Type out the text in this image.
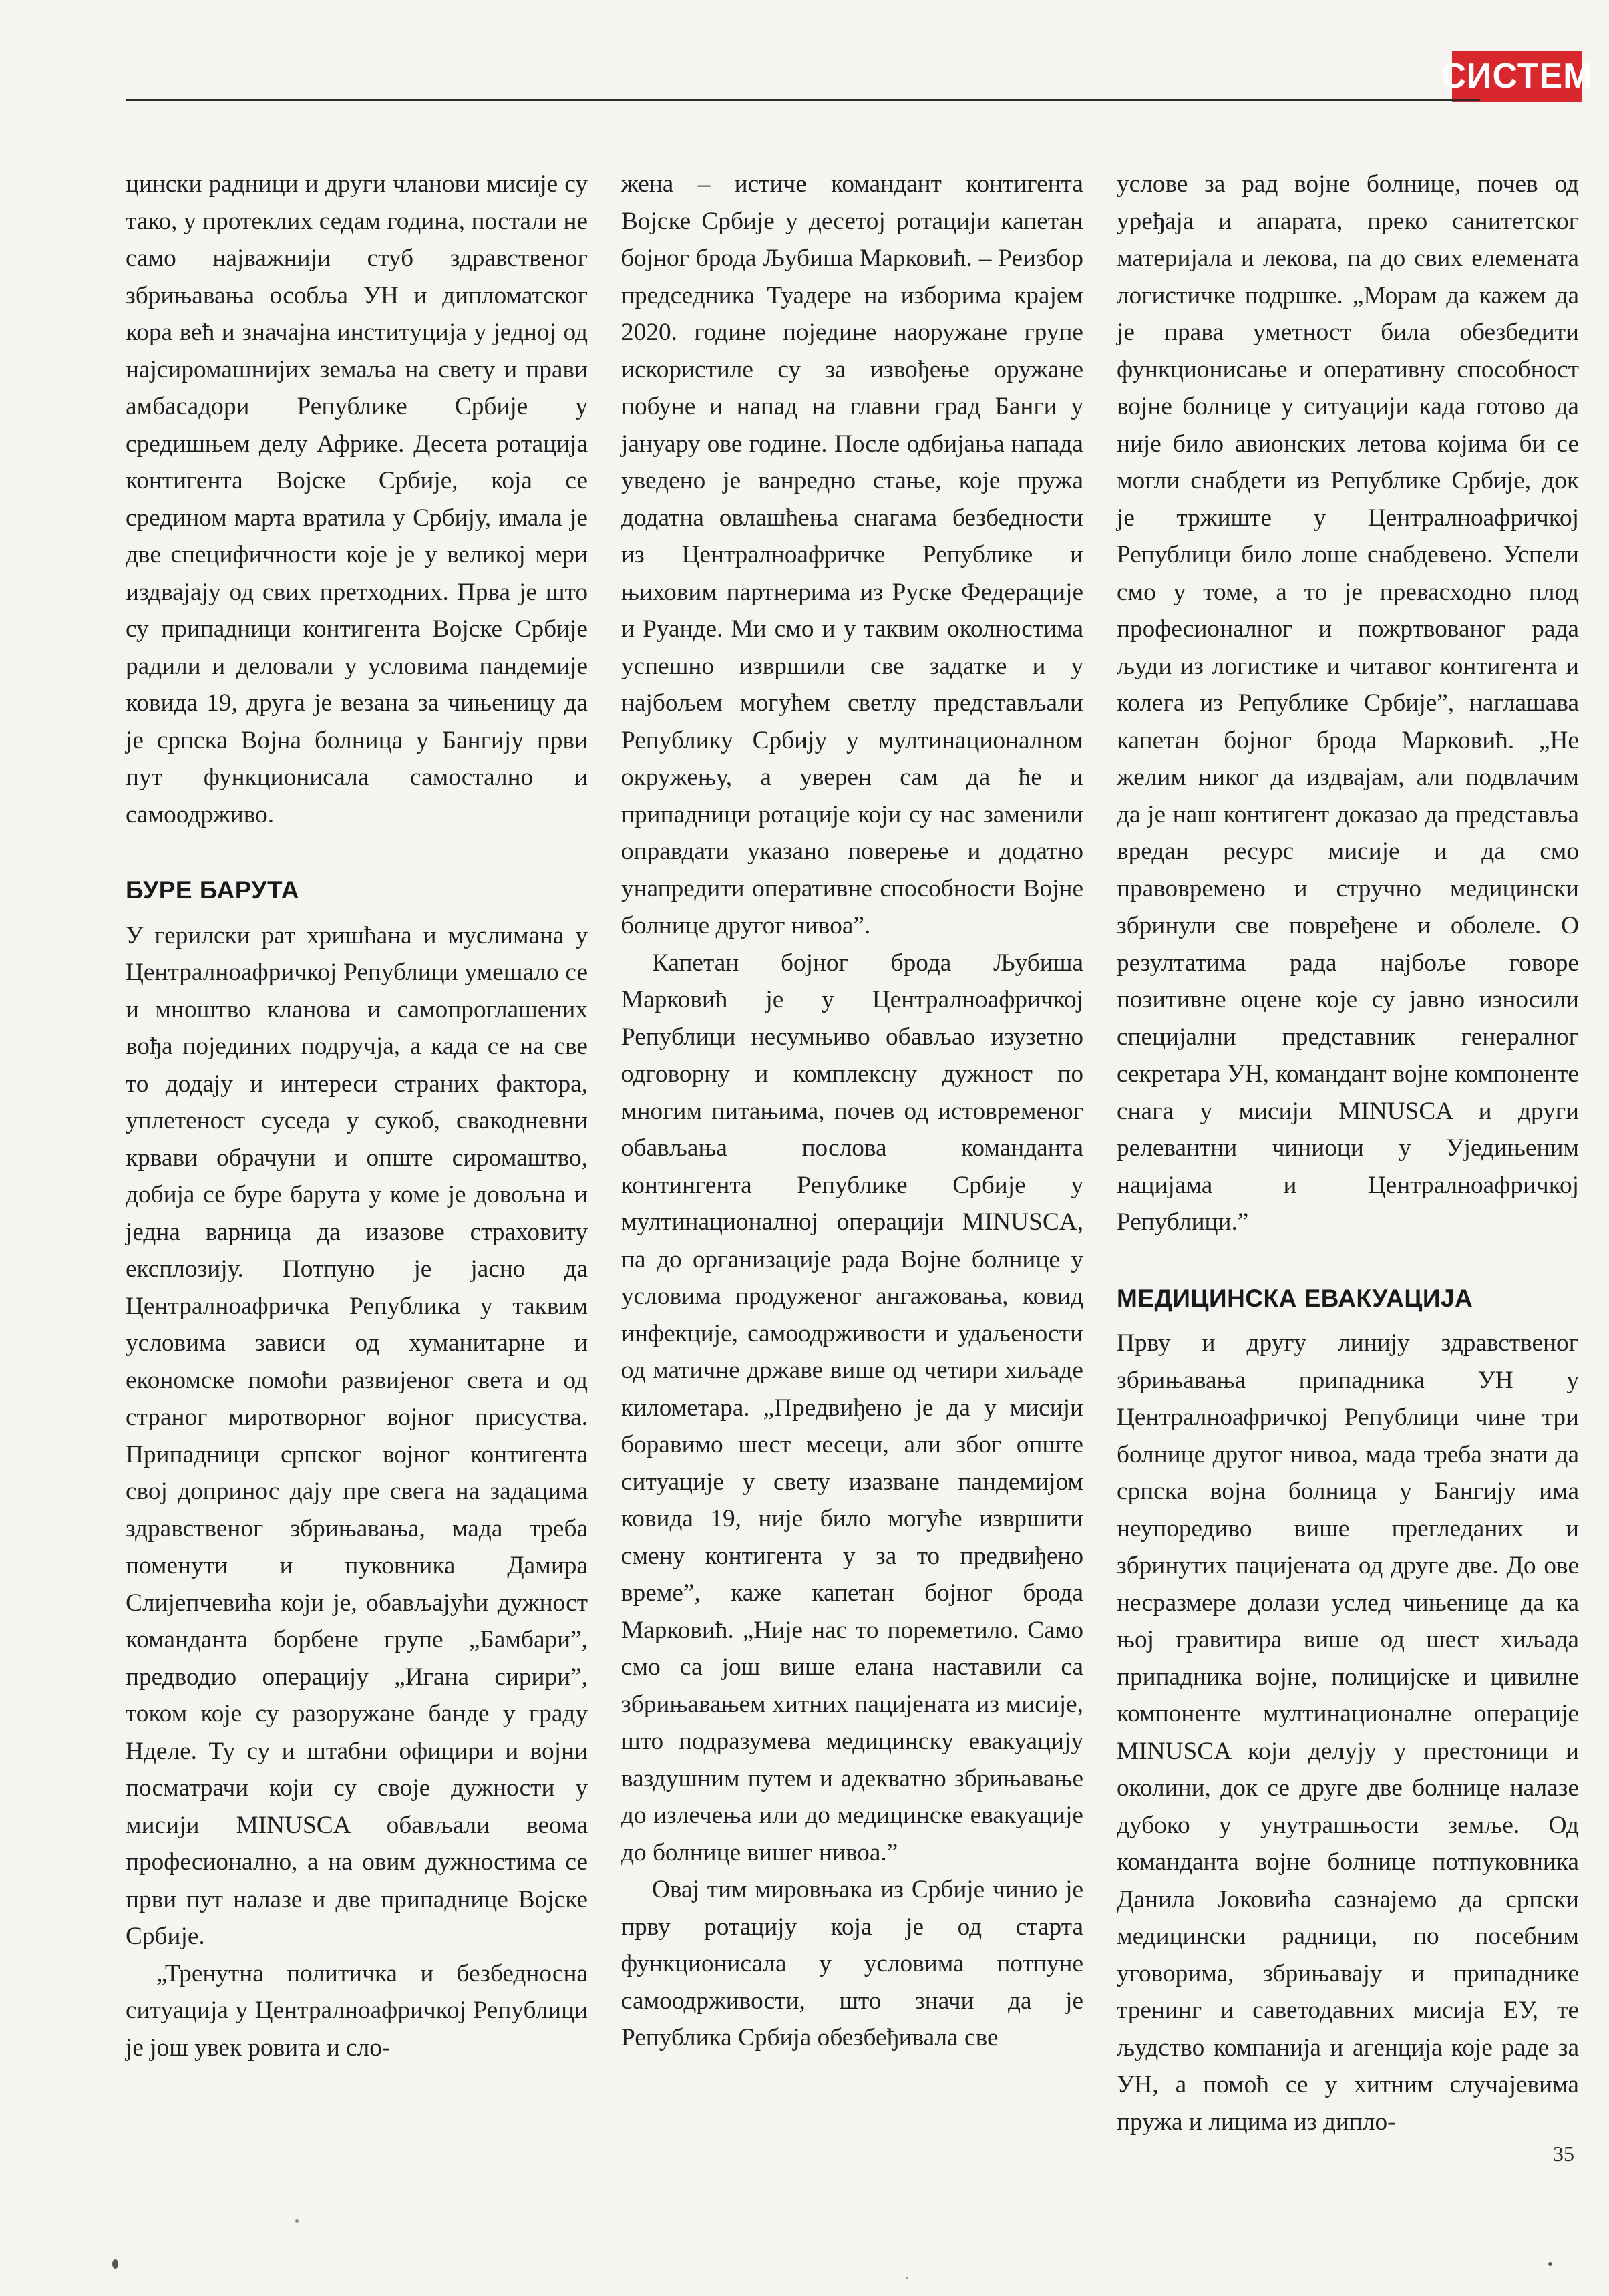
СИСТЕМ

цински радници и други чланови мисије су тако, у протеклих седам година, постали не само најважнији стуб здравственог збрињавања особља УН и дипломатског кора већ и значајна институција у једној од најсиромашнијих земаља на свету и прави амбасадори Републике Србије у средишњем делу Африке. Десета ротација контигента Војске Србије, која се средином марта вратила у Србију, имала је две специфичности које је у великој мери издвајају од свих претходних. Прва је што су припадници контигента Војске Србије радили и деловали у условима пандемије ковида 19, друга је везана за чињеницу да је српска Војна болница у Бангију први пут функционисала самостално и самоодрживо.

БУРЕ БАРУТА

У герилски рат хришћана и муслимана у Централноафричкој Републици умешало се и мноштво кланова и самопроглашених вођа појединих подручја, а када се на све то додају и интереси страних фактора, уплетеност суседа у сукоб, свакодневни крвави обрачуни и опште сиромаштво, добија се буре барута у коме је довољна и једна варница да изазове страховиту експлозију. Потпуно је јасно да Централноафричка Република у таквим условима зависи од хуманитарне и економске помоћи развијеног света и од страног миротворног војног присуства. Припадници српског војног контигента свој допринос дају пре свега на задацима здравственог збрињавања, мада треба поменути и пуковника Дамира Слијепчевића који је, обављајући дужност команданта борбене групе „Бамбари”, предводио операцију „Игана сирири”, током које су разоружане банде у граду Нделе. Ту су и штабни официри и војни посматрачи који су своје дужности у мисији MINUSCA обављали веома професионално, а на овим дужностима се први пут налазе и две припаднице Војске Србије.

„Тренутна политичка и безбедносна ситуација у Централноафричкој Републици је још увек ровита и сло-

жена – истиче командант контигента Војске Србије у десетој ротацији капетан бојног брода Љубиша Марковић. – Реизбор председника Туадере на изборима крајем 2020. године поједине наоружане групе искористиле су за извођење оружане побуне и напад на главни град Банги у јануару ове године. После одбијања напада уведено је ванредно стање, које пружа додатна овлашћења снагама безбедности из Централноафричке Републике и њиховим партнерима из Руске Федерације и Руанде. Ми смо и у таквим околностима успешно извршили све задатке и у најбољем могућем светлу представљали Републику Србију у мултинационалном окружењу, а уверен сам да ће и припадници ротације који су нас заменили оправдати указано поверење и додатно унапредити оперативне способности Војне болнице другог нивоа”.

Капетан бојног брода Љубиша Марковић је у Централноафричкој Републици несумњиво обављао изузетно одговорну и комплексну дужност по многим питањима, почев од истовременог обављања послова команданта контингента Републике Србије у мултинационалној операцији MINUSCA, па до организације рада Војне болнице у условима продуженог ангажовања, ковид инфекције, самоодрживости и удаљености од матичне државе више од четири хиљаде километара. „Предвиђено је да у мисији боравимо шест месеци, али због опште ситуације у свету изазване пандемијом ковида 19, није било могуће извршити смену контигента у за то предвиђено време”, каже капетан бојног брода Марковић. „Није нас то пореметило. Само смо са још више елана наставили са збрињавањем хитних пацијената из мисије, што подразумева медицинску евакуацију ваздушним путем и адекватно збрињавање до излечења или до медицинске евакуације до болнице вишег нивоа.”

Овај тим мировњака из Србије чинио је прву ротацију која је од старта функционисала у условима потпуне самоодрживости, што значи да је Република Србија обезбеђивала све

услове за рад војне болнице, почев од уређаја и апарата, преко санитетског материјала и лекова, па до свих елемената логистичке подршке. „Морам да кажем да је права уметност била обезбедити функционисање и оперативну способност војне болнице у ситуацији када готово да није било авионских летова којима би се могли снабдети из Републике Србије, док је тржиште у Централноафричкој Републици било лоше снабдевено. Успели смо у томе, а то је превасходно плод професионалног и пожртвованог рада људи из логистике и читавог контигента и колега из Републике Србије”, наглашава капетан бојног брода Марковић. „Не желим никог да издвајам, али подвлачим да је наш контигент доказао да представља вредан ресурс мисије и да смо правовремено и стручно медицински збринули све повређене и оболеле. О резултатима рада најбоље говоре позитивне оцене које су јавно износили специјални представник генералног секретара УН, командант војне компоненте снага у мисији MINUSCA и други релевантни чиниоци у Уједињеним нацијама и Централноафричкој Републици.”

МЕДИЦИНСКА ЕВАКУАЦИЈА

Прву и другу линију здравственог збрињавања припадника УН у Централноафричкој Републици чине три болнице другог нивоа, мада треба знати да српска војна болница у Бангију има неупоредиво више прегледаних и збринутих пацијената од друге две. До ове несразмере долази услед чињенице да ка њој гравитира више од шест хиљада припадника војне, полицијске и цивилне компоненте мултинационалне операције MINUSCA који делују у престоници и околини, док се друге две болнице налазе дубоко у унутрашњости земље. Од команданта војне болнице потпуковника Данила Јоковића сазнајемо да српски медицински радници, по посебним уговорима, збрињавају и припаднике тренинг и саветодавних мисија ЕУ, те људство компанија и агенција које раде за УН, а помоћ се у хитним случајевима пружа и лицима из дипло-

35
